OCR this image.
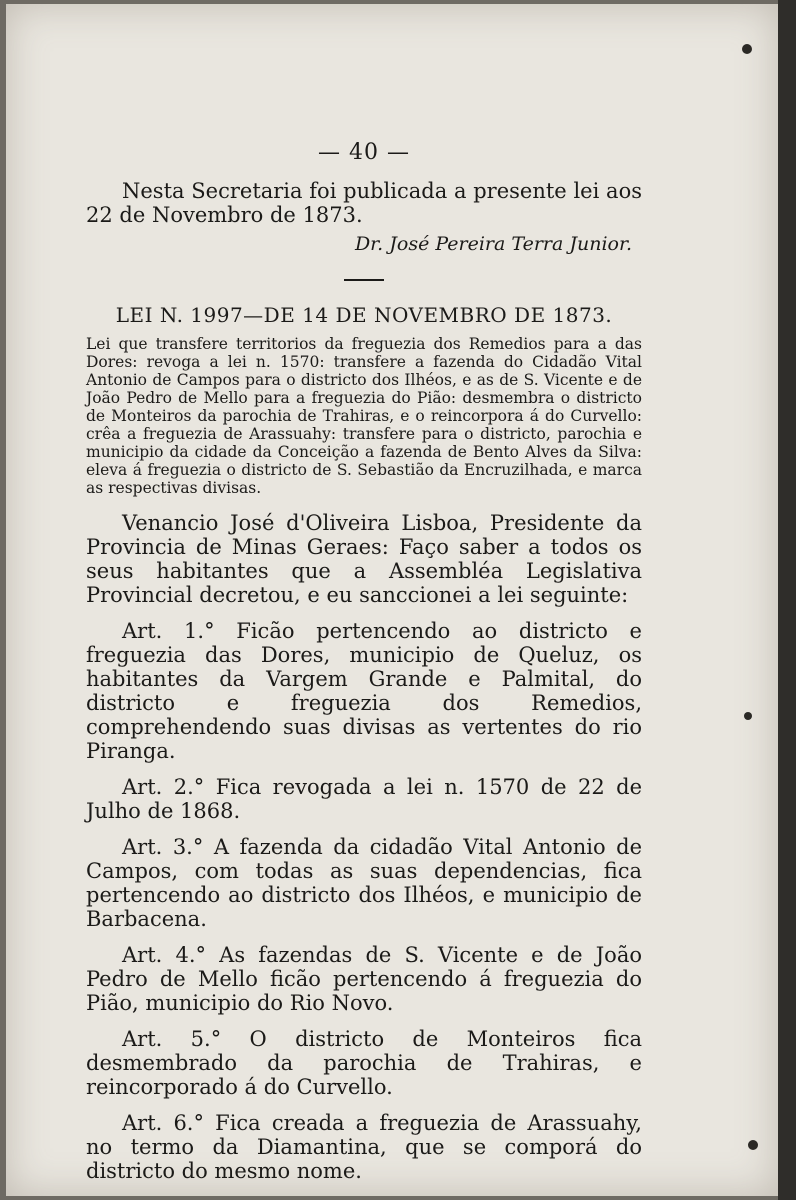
— 40 —

Nesta Secretaria foi publicada a presente lei aos 22 de Novembro de 1873.

Dr. José Pereira Terra Junior.

LEI N. 1997—DE 14 DE NOVEMBRO DE 1873.

Lei que transfere territorios da freguezia dos Remedios para a das Dores: revoga a lei n. 1570: transfere a fazenda do Cidadão Vital Antonio de Campos para o districto dos Ilhéos, e as de S. Vicente e de João Pedro de Mello para a freguezia do Pião: desmembra o districto de Monteiros da parochia de Trahiras, e o reincorpora á do Curvello: crêa a freguezia de Arassuahy: transfere para o districto, parochia e municipio da cidade da Conceição a fazenda de Bento Alves da Silva: eleva á freguezia o districto de S. Sebastião da Encruzilhada, e marca as respectivas divisas.

Venancio José d'Oliveira Lisboa, Presidente da Provincia de Minas Geraes: Faço saber a todos os seus habitantes que a Assembléa Legislativa Provincial decretou, e eu sanccionei a lei seguinte:

Art. 1.° Ficão pertencendo ao districto e freguezia das Dores, municipio de Queluz, os habitantes da Vargem Grande e Palmital, do districto e freguezia dos Remedios, comprehendendo suas divisas as vertentes do rio Piranga.

Art. 2.° Fica revogada a lei n. 1570 de 22 de Julho de 1868.

Art. 3.° A fazenda da cidadão Vital Antonio de Campos, com todas as suas dependencias, fica pertencendo ao districto dos Ilhéos, e municipio de Barbacena.

Art. 4.° As fazendas de S. Vicente e de João Pedro de Mello ficão pertencendo á freguezia do Pião, municipio do Rio Novo.

Art. 5.° O districto de Monteiros fica desmembrado da parochia de Trahiras, e reincorporado á do Curvello.

Art. 6.° Fica creada a freguezia de Arassuahy, no termo da Diamantina, que se comporá do districto do mesmo nome.
